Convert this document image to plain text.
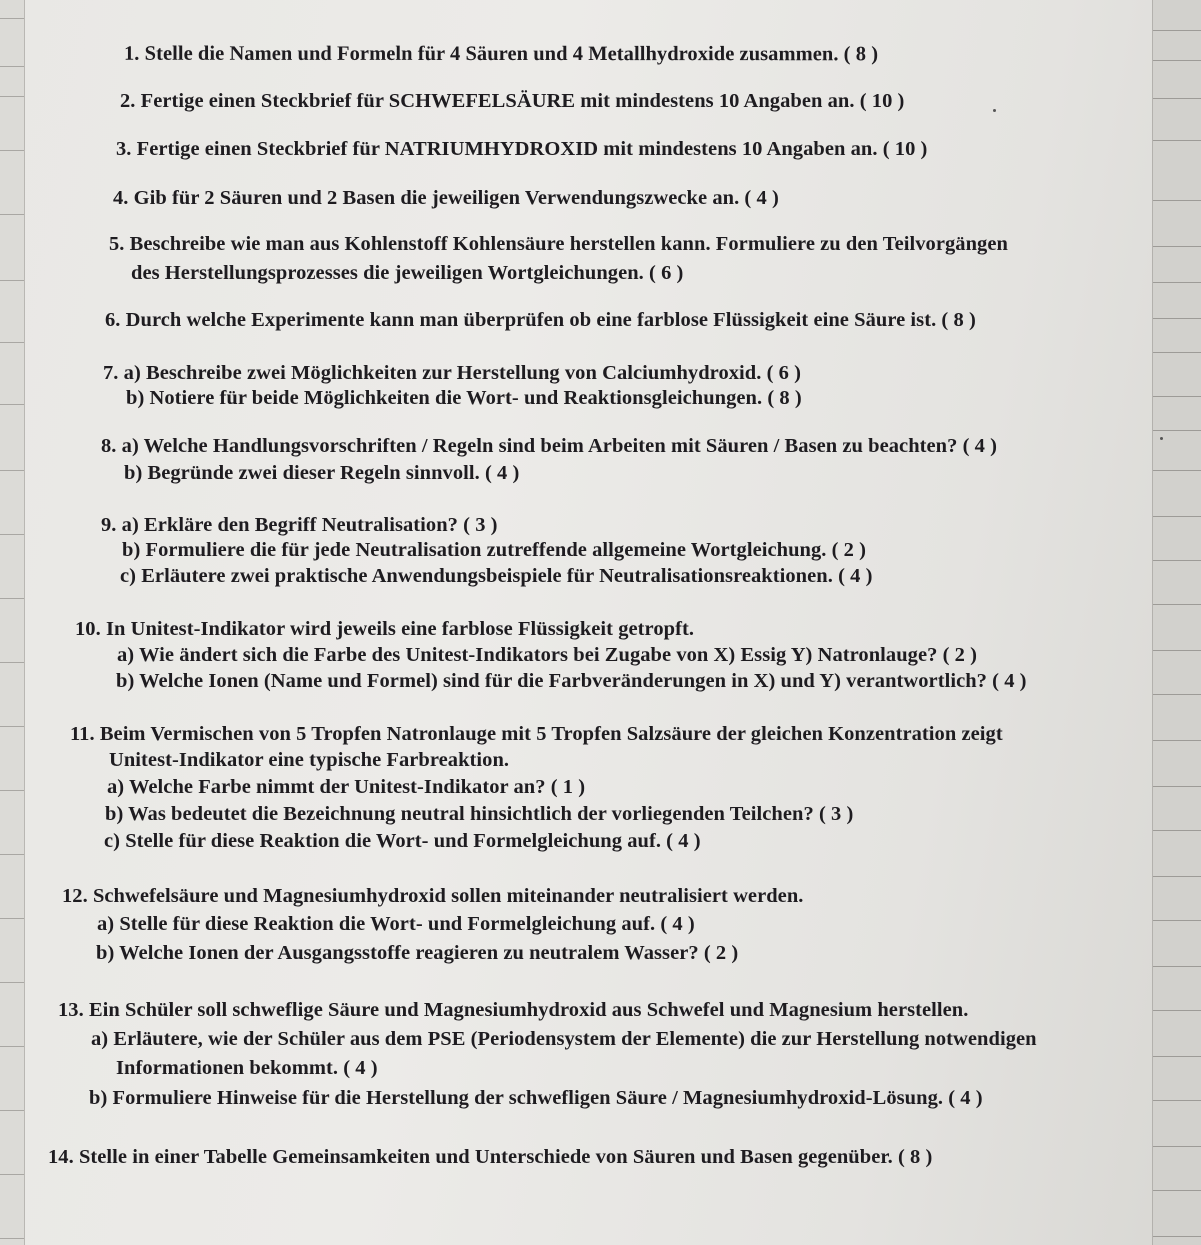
1. Stelle die Namen und Formeln für 4 Säuren und 4 Metallhydroxide zusammen. ( 8 )
2. Fertige einen Steckbrief für SCHWEFELSÄURE mit mindestens 10 Angaben an. ( 10 )
3. Fertige einen Steckbrief für NATRIUMHYDROXID mit mindestens 10 Angaben an. ( 10 )
4. Gib für 2 Säuren und 2 Basen die jeweiligen Verwendungszwecke an. ( 4 )
5. Beschreibe wie man aus Kohlenstoff Kohlensäure herstellen kann. Formuliere zu den Teilvorgängen
des Herstellungsprozesses die jeweiligen Wortgleichungen. ( 6 )
6. Durch welche Experimente kann man überprüfen ob eine farblose Flüssigkeit eine Säure ist. ( 8 )
7. a) Beschreibe zwei Möglichkeiten zur Herstellung von Calciumhydroxid. ( 6 )
b) Notiere für beide Möglichkeiten die Wort- und Reaktionsgleichungen. ( 8 )
8. a) Welche Handlungsvorschriften / Regeln sind beim Arbeiten mit Säuren / Basen zu beachten? ( 4 )
b) Begründe zwei dieser Regeln sinnvoll. ( 4 )
9. a) Erkläre den Begriff Neutralisation? ( 3 )
b) Formuliere die für jede Neutralisation zutreffende allgemeine Wortgleichung. ( 2 )
c) Erläutere zwei praktische Anwendungsbeispiele für Neutralisationsreaktionen. ( 4 )
10. In Unitest-Indikator wird jeweils eine farblose Flüssigkeit getropft.
a) Wie ändert sich die Farbe des Unitest-Indikators bei Zugabe von X) Essig Y) Natronlauge? ( 2 )
b) Welche Ionen (Name und Formel) sind für die Farbveränderungen in X) und Y) verantwortlich? ( 4 )
11. Beim Vermischen von 5 Tropfen Natronlauge mit 5 Tropfen Salzsäure der gleichen Konzentration zeigt
Unitest-Indikator eine typische Farbreaktion.
a) Welche Farbe nimmt der Unitest-Indikator an? ( 1 )
b) Was bedeutet die Bezeichnung neutral hinsichtlich der vorliegenden Teilchen? ( 3 )
c) Stelle für diese Reaktion die Wort- und Formelgleichung auf. ( 4 )
12. Schwefelsäure und Magnesiumhydroxid sollen miteinander neutralisiert werden.
a) Stelle für diese Reaktion die Wort- und Formelgleichung auf. ( 4 )
b) Welche Ionen der Ausgangsstoffe reagieren zu neutralem Wasser? ( 2 )
13. Ein Schüler soll schweflige Säure und Magnesiumhydroxid aus Schwefel und Magnesium herstellen.
a) Erläutere, wie der Schüler aus dem PSE (Periodensystem der Elemente) die zur Herstellung notwendigen
Informationen bekommt. ( 4 )
b) Formuliere Hinweise für die Herstellung der schwefligen Säure / Magnesiumhydroxid-Lösung. ( 4 )
14. Stelle in einer Tabelle Gemeinsamkeiten und Unterschiede von Säuren und Basen gegenüber. ( 8 )
